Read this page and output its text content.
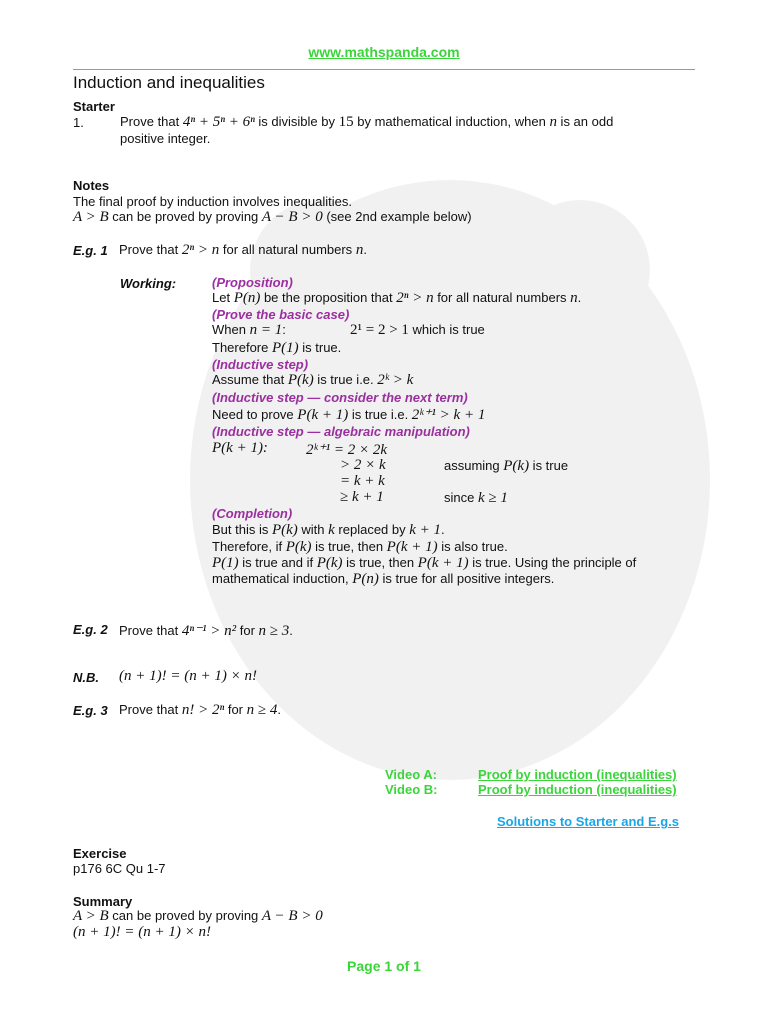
www.mathspanda.com
Induction and inequalities
Starter
1.	Prove that 4ⁿ + 5ⁿ + 6ⁿ is divisible by 15 by mathematical induction, when n is an odd
positive integer.
Notes
The final proof by induction involves inequalities.
A > B can be proved by proving A − B > 0 (see 2nd example below)
E.g. 1 Prove that 2ⁿ > n for all natural numbers n.
Working:	(Proposition)
Let P(n) be the proposition that 2ⁿ > n for all natural numbers n.
(Prove the basic case)
When n = 1:	2¹ = 2 > 1 which is true
Therefore P(1) is true.
(Inductive step)
Assume that P(k) is true i.e. 2ᵏ > k
(Inductive step — consider the next term)
Need to prove P(k + 1) is true i.e. 2ᵏ⁺¹ > k + 1
(Inductive step — algebraic manipulation)
P(k + 1):	2ᵏ⁺¹ = 2 × 2k
> 2 × k	assuming P(k) is true
= k + k
≥ k + 1	since k ≥ 1
(Completion)
But this is P(k) with k replaced by k + 1.
Therefore, if P(k) is true, then P(k + 1) is also true.
P(1) is true and if P(k) is true, then P(k + 1) is true. Using the principle of
mathematical induction, P(n) is true for all positive integers.
E.g. 2 Prove that 4ⁿ⁻¹ > n² for n ≥ 3.
N.B. (n + 1)! = (n + 1) × n!
E.g. 3 Prove that n! > 2ⁿ for n ≥ 4.
Video A:	Proof by induction (inequalities)
Video B:	Proof by induction (inequalities)
Solutions to Starter and E.g.s
Exercise
p176 6C Qu 1-7
Summary
A > B can be proved by proving A − B > 0
(n + 1)! = (n + 1) × n!
Page 1 of 1
